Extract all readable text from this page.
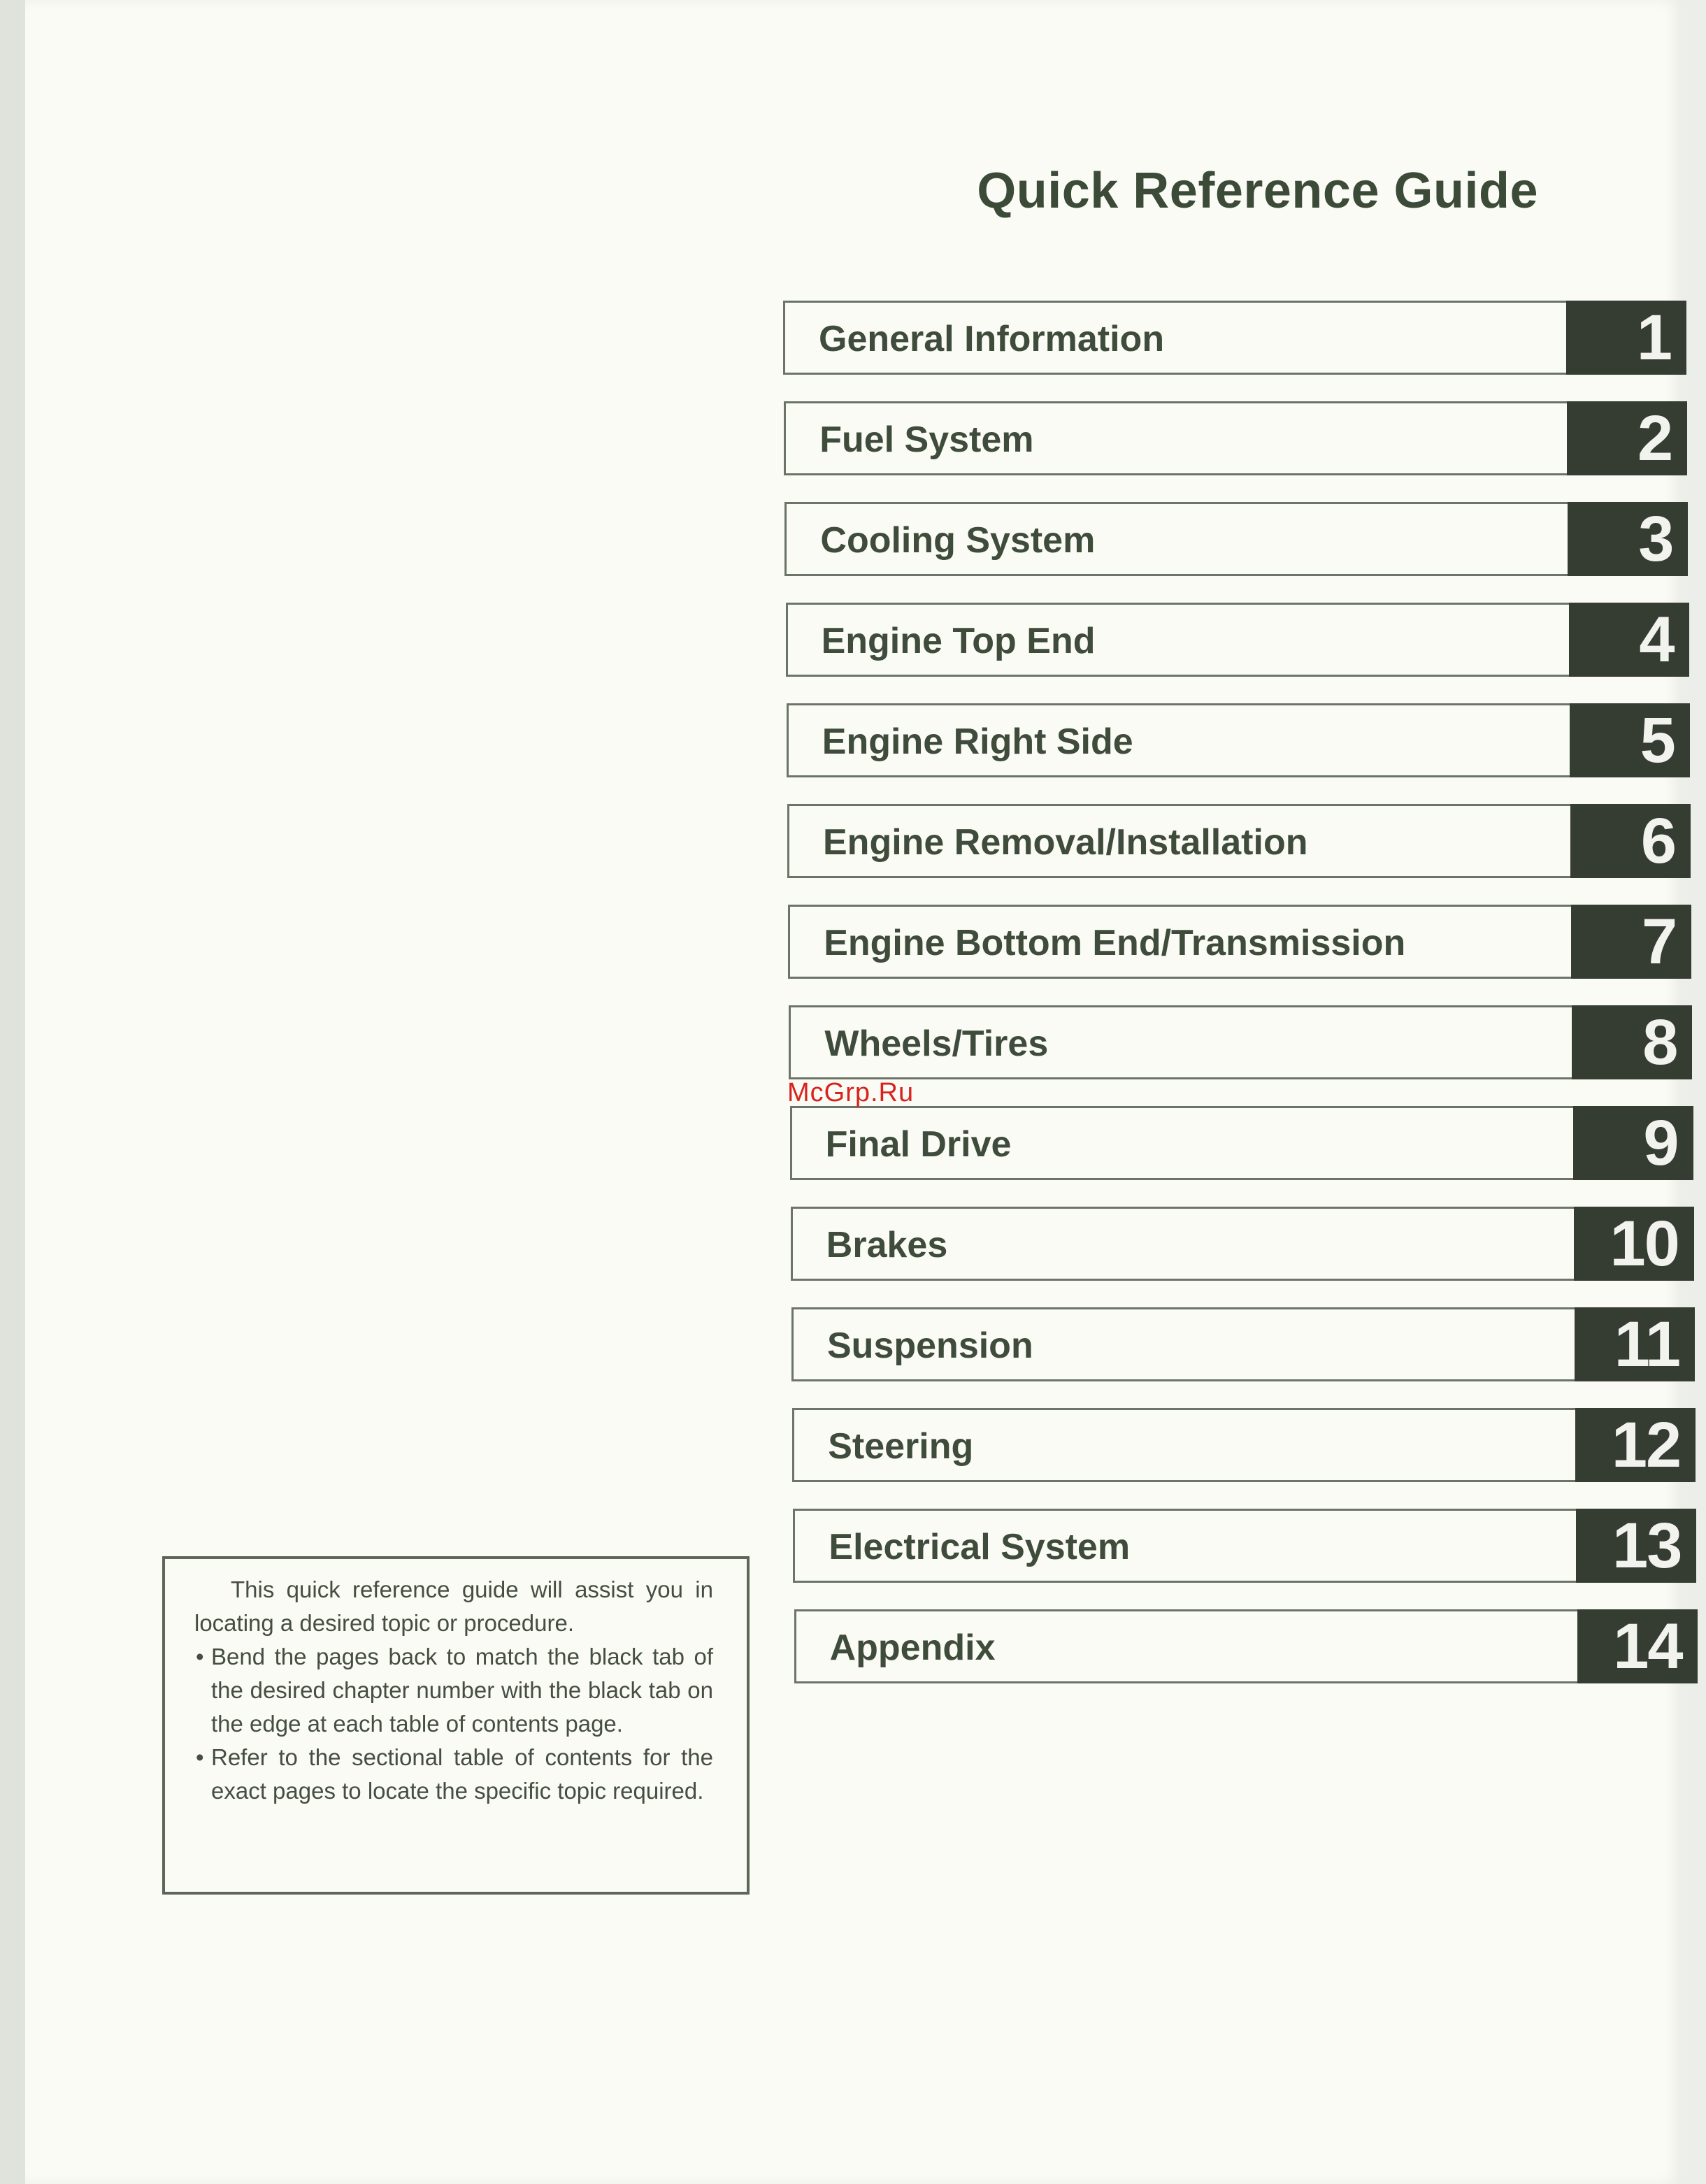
Quick Reference Guide
General Information	1
Fuel System	2
Cooling System	3
Engine Top End	4
Engine Right Side	5
Engine Removal/Installation	6
Engine Bottom End/Transmission	7
Wheels/Tires	8
Final Drive	9
Brakes	10
Suspension	11
Steering	12
Electrical System	13
Appendix	14
McGrp.Ru

This quick reference guide will assist you in locating a desired topic or procedure.

• Bend the pages back to match the black tab of the desired chapter number with the black tab on the edge at each table of contents page.
• Refer to the sectional table of contents for the exact pages to locate the specific topic required.
